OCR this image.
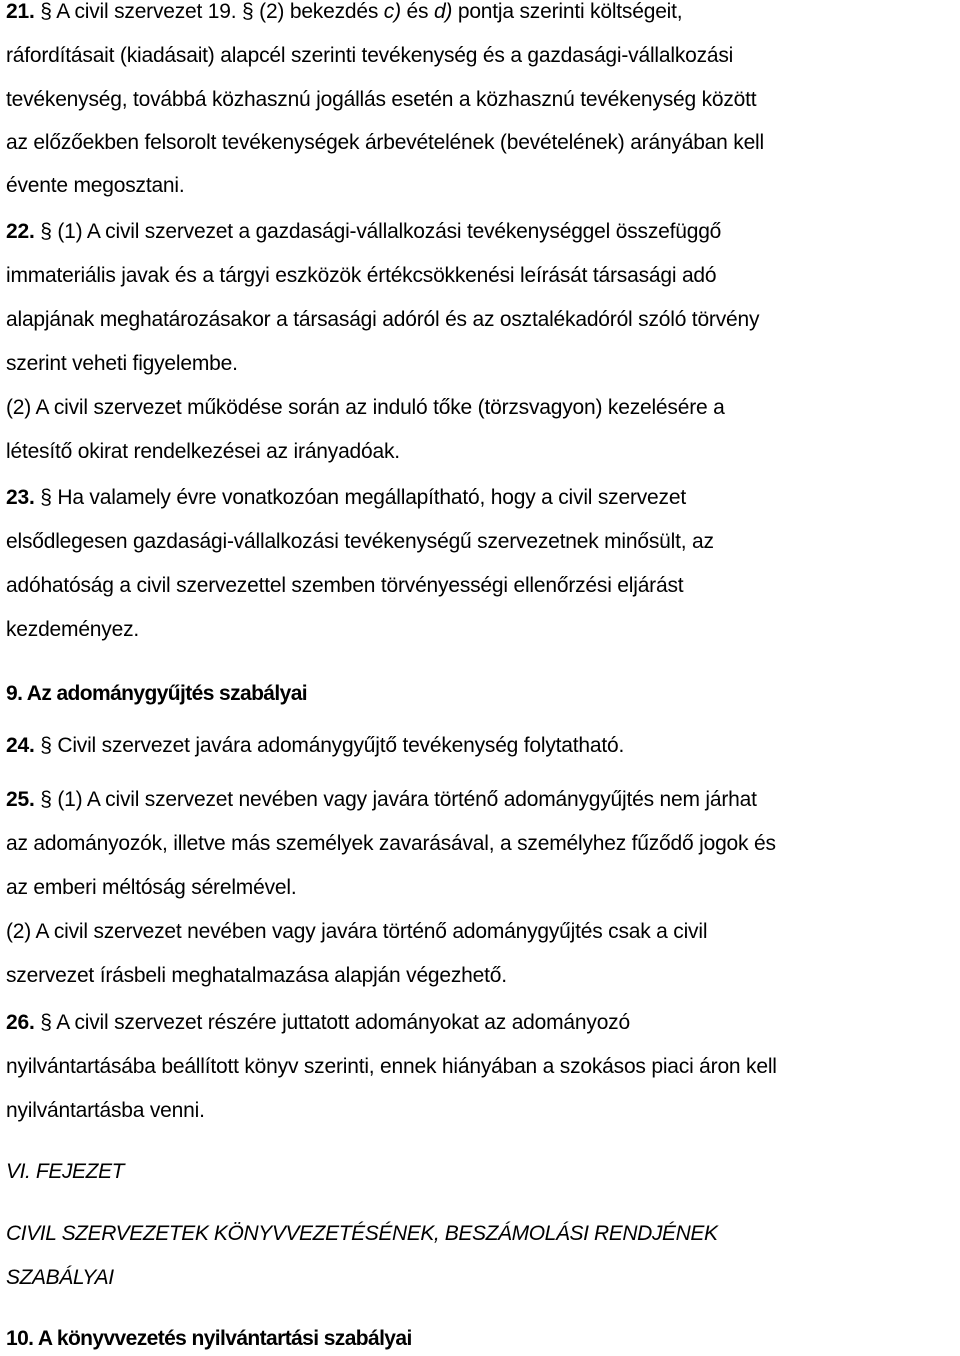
21. § A civil szervezet 19. § (2) bekezdés c) és d) pontja szerinti költségeit,
ráfordításait (kiadásait) alapcél szerinti tevékenység és a gazdasági-vállalkozási
tevékenység, továbbá közhasznú jogállás esetén a közhasznú tevékenység között
az előzőekben felsorolt tevékenységek árbevételének (bevételének) arányában kell
évente megosztani.
22. § (1) A civil szervezet a gazdasági-vállalkozási tevékenységgel összefüggő
immateriális javak és a tárgyi eszközök értékcsökkenési leírását társasági adó
alapjának meghatározásakor a társasági adóról és az osztalékadóról szóló törvény
szerint veheti figyelembe.
(2) A civil szervezet működése során az induló tőke (törzsvagyon) kezelésére a
létesítő okirat rendelkezései az irányadóak.
23. § Ha valamely évre vonatkozóan megállapítható, hogy a civil szervezet
elsődlegesen gazdasági-vállalkozási tevékenységű szervezetnek minősült, az
adóhatóság a civil szervezettel szemben törvényességi ellenőrzési eljárást
kezdeményez.
9. Az adománygyűjtés szabályai
24. § Civil szervezet javára adománygyűjtő tevékenység folytatható.
25. § (1) A civil szervezet nevében vagy javára történő adománygyűjtés nem járhat
az adományozók, illetve más személyek zavarásával, a személyhez fűződő jogok és
az emberi méltóság sérelmével.
(2) A civil szervezet nevében vagy javára történő adománygyűjtés csak a civil
szervezet írásbeli meghatalmazása alapján végezhető.
26. § A civil szervezet részére juttatott adományokat az adományozó
nyilvántartásába beállított könyv szerinti, ennek hiányában a szokásos piaci áron kell
nyilvántartásba venni.
VI. FEJEZET
CIVIL SZERVEZETEK KÖNYVVEZETÉSÉNEK, BESZÁMOLÁSI RENDJÉNEK
SZABÁLYAI
10. A könyvvezetés nyilvántartási szabályai
